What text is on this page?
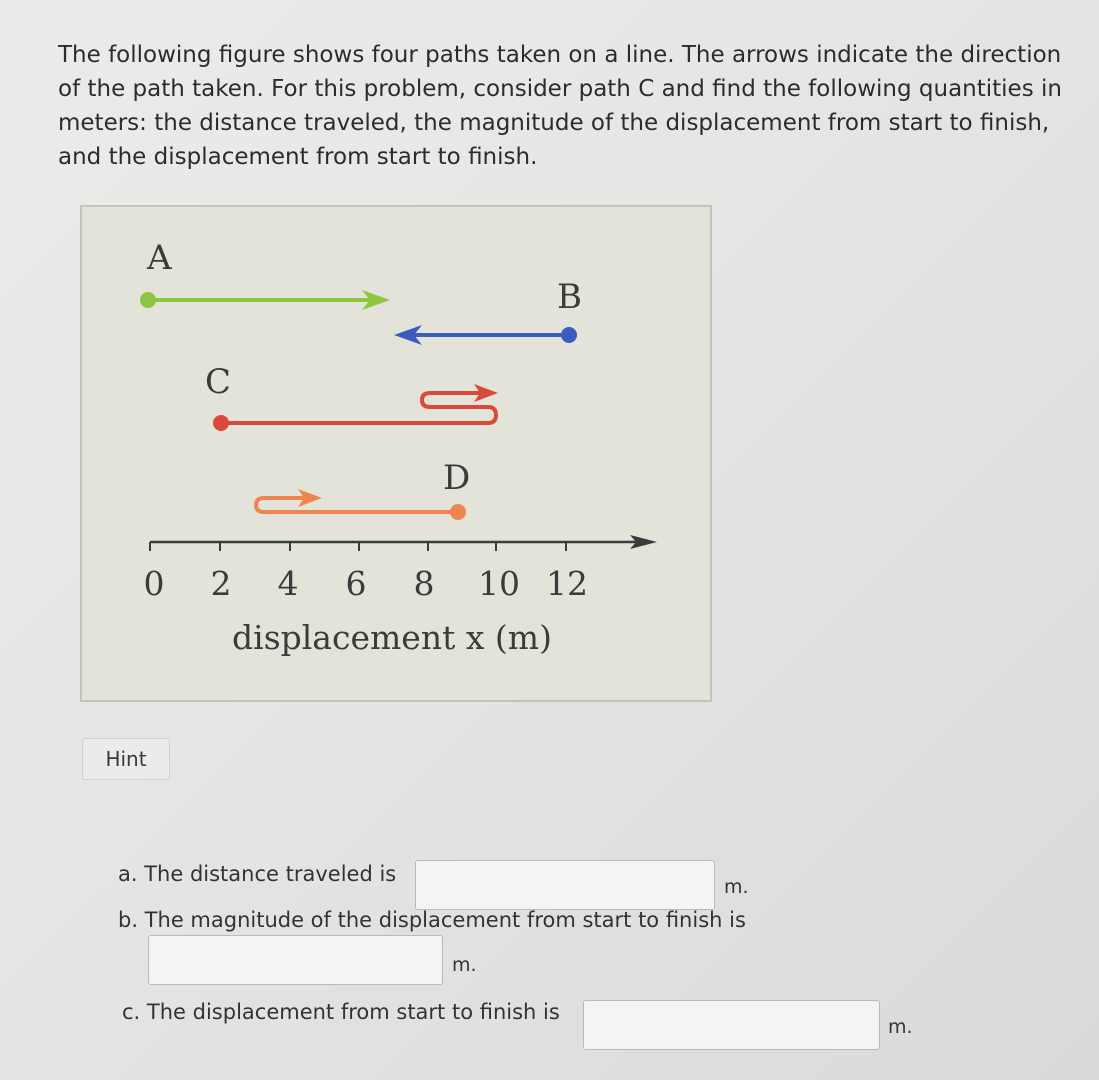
The following figure shows four paths taken on a line. The arrows indicate the direction of the path taken. For this problem, consider path C and find the following quantities in meters: the distance traveled, the magnitude of the displacement from start to finish, and the displacement from start to finish.

A
B
C
D
0 2 4 6 8 10 12
displacement x (m)
Hint
a. The distance traveled is
m.
b. The magnitude of the displacement from start to finish is
m.
c. The displacement from start to finish is
m.
